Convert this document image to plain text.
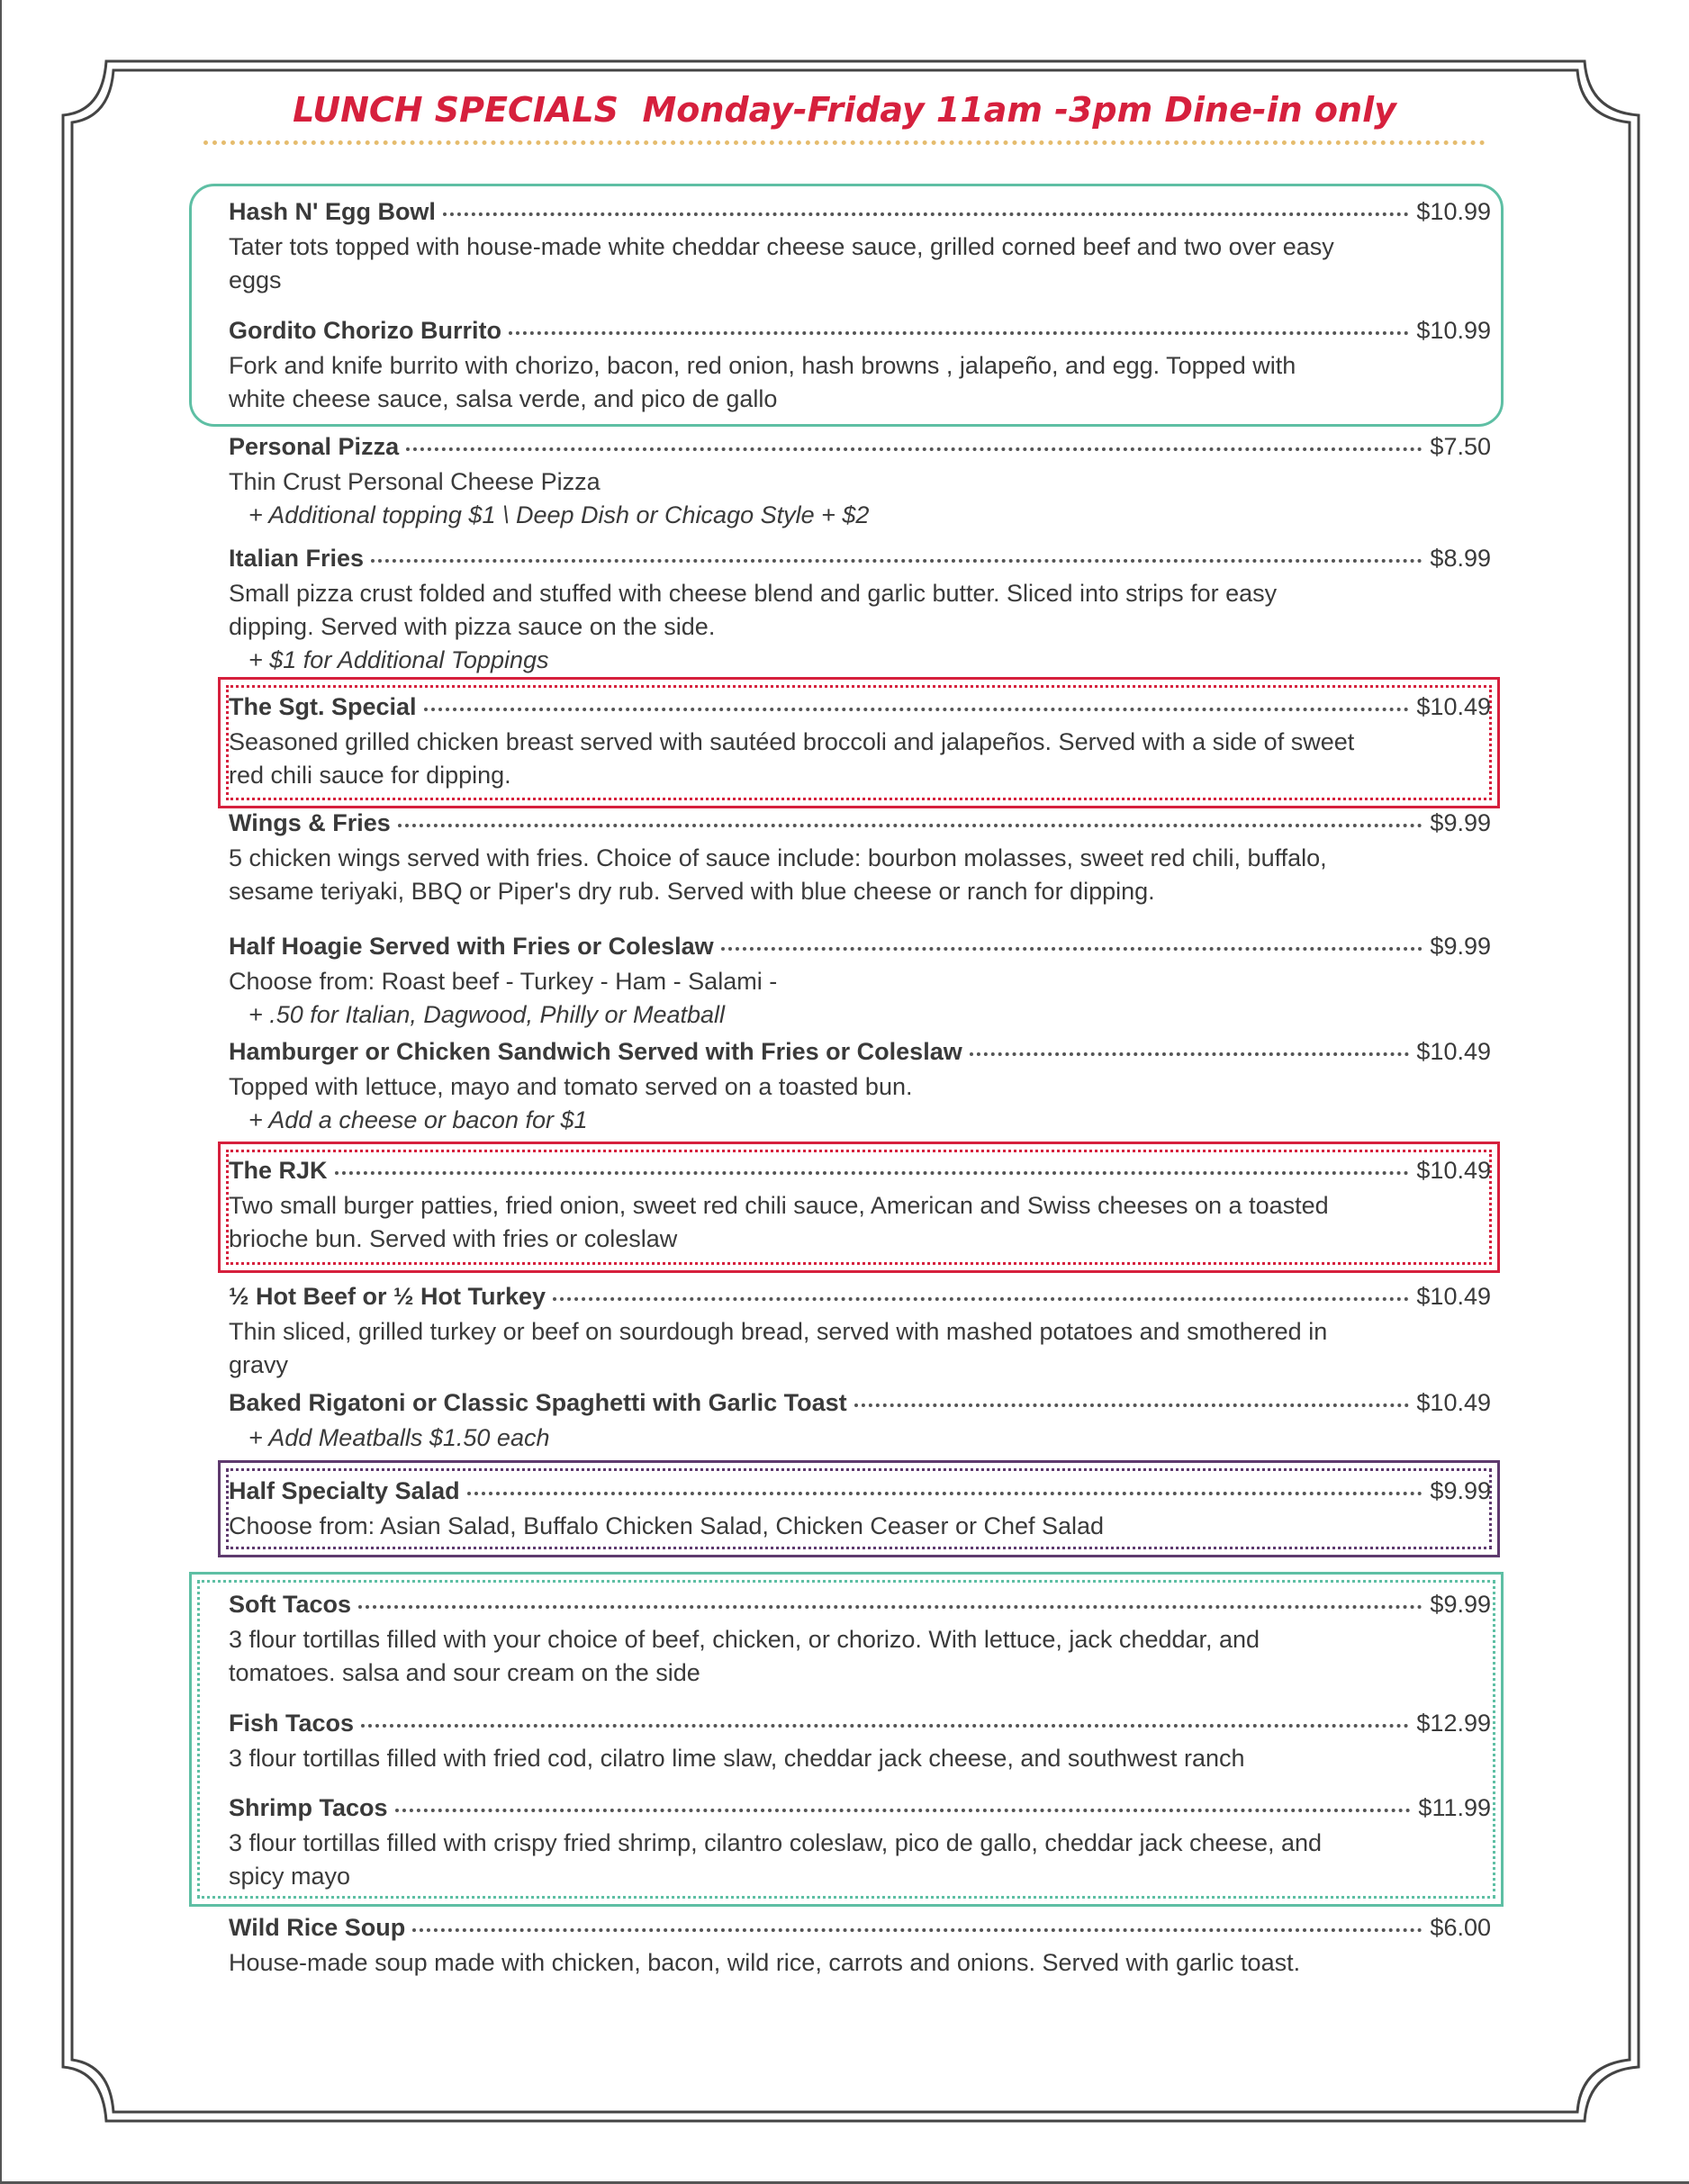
LUNCH SPECIALS  Monday-Friday 11am -3pm Dine-in only
Hash N' Egg Bowl	$10.99
Tater tots topped with house-made white cheddar cheese sauce, grilled corned beef and two over easy
eggs
Gordito Chorizo Burrito	$10.99
Fork and knife burrito with chorizo, bacon, red onion, hash browns , jalapeño, and egg. Topped with
white cheese sauce, salsa verde, and pico de gallo
Personal Pizza	$7.50
Thin Crust Personal Cheese Pizza
+ Additional topping $1 \ Deep Dish or Chicago Style + $2
Italian Fries	$8.99
Small pizza crust folded and stuffed with cheese blend and garlic butter. Sliced into strips for easy
dipping. Served with pizza sauce on the side.
+ $1 for Additional Toppings
The Sgt. Special	$10.49
Seasoned grilled chicken breast served with sautéed broccoli and jalapeños. Served with a side of sweet
red chili sauce for dipping.
Wings & Fries	$9.99
5 chicken wings served with fries. Choice of sauce include: bourbon molasses, sweet red chili, buffalo,
sesame teriyaki, BBQ or Piper's dry rub. Served with blue cheese or ranch for dipping.
Half Hoagie Served with Fries or Coleslaw	$9.99
Choose from: Roast beef - Turkey - Ham - Salami -
+ .50 for Italian, Dagwood, Philly or Meatball
Hamburger or Chicken Sandwich Served with Fries or Coleslaw	$10.49
Topped with lettuce, mayo and tomato served on a toasted bun.
+ Add a cheese or bacon for $1
The RJK	$10.49
Two small burger patties, fried onion, sweet red chili sauce, American and Swiss cheeses on a toasted
brioche bun. Served with fries or coleslaw
½ Hot Beef or ½ Hot Turkey	$10.49
Thin sliced, grilled turkey or beef on sourdough bread, served with mashed potatoes and smothered in
gravy
Baked Rigatoni or Classic Spaghetti with Garlic Toast	$10.49
+ Add Meatballs $1.50 each
Half Specialty Salad	$9.99
Choose from: Asian Salad, Buffalo Chicken Salad, Chicken Ceaser or Chef Salad
Soft Tacos	$9.99
3 flour tortillas filled with your choice of beef, chicken, or chorizo. With lettuce, jack cheddar, and
tomatoes. salsa and sour cream on the side
Fish Tacos	$12.99
3 flour tortillas filled with fried cod, cilatro lime slaw, cheddar jack cheese, and southwest ranch
Shrimp Tacos	$11.99
3 flour tortillas filled with crispy fried shrimp, cilantro coleslaw, pico de gallo, cheddar jack cheese, and
spicy mayo
Wild Rice Soup	$6.00
House-made soup made with chicken, bacon, wild rice, carrots and onions. Served with garlic toast.
